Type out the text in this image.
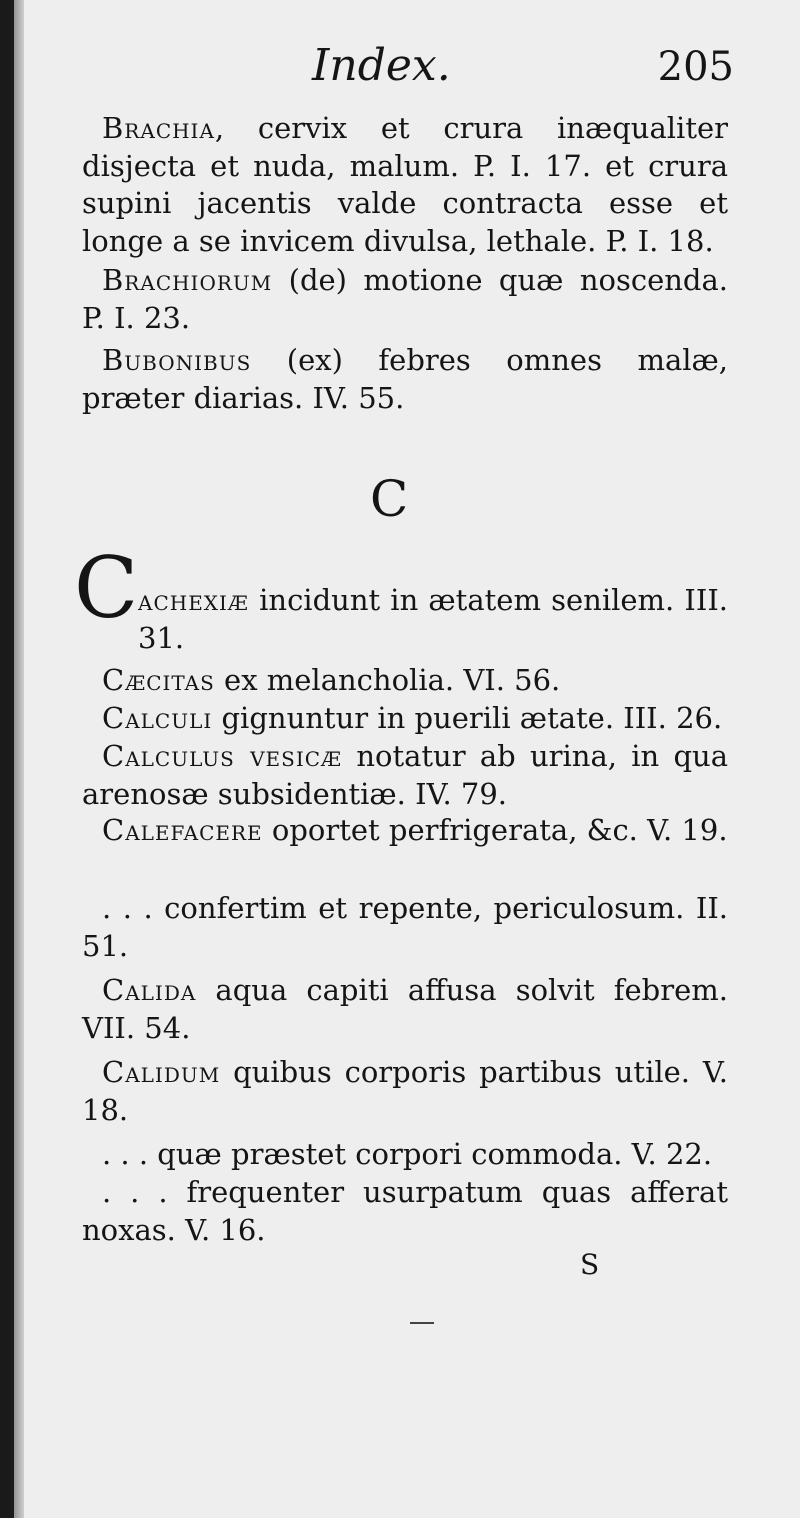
Index.	205
Brachia, cervix et crura inæqualiter disjecta et nuda, malum. P. I. 17. et crura supini jacentis valde contracta esse et longe a se invicem divulsa, lethale. P. I. 18.
Brachiorum (de) motione quæ noscenda. P. I. 23.
Bubonibus (ex) febres omnes malæ, præter diarias. IV. 55.
C
C achexiæ incidunt in ætatem senilem. III. 31.
Cæcitas ex melancholia. VI. 56.
Calculi gignuntur in puerili ætate. III. 26.
Calculus vesicæ notatur ab urina, in qua arenosæ subsidentiæ. IV. 79.
Calefacere oportet perfrigerata, &c. V. 19.
. . . confertim et repente, periculosum. II. 51.
Calida aqua capiti affusa solvit febrem. VII. 54.
Calidum quibus corporis partibus utile. V. 18.
. . . quæ præstet corpori commoda. V. 22.
. . . frequenter usurpatum quas afferat noxas. V. 16.
S
